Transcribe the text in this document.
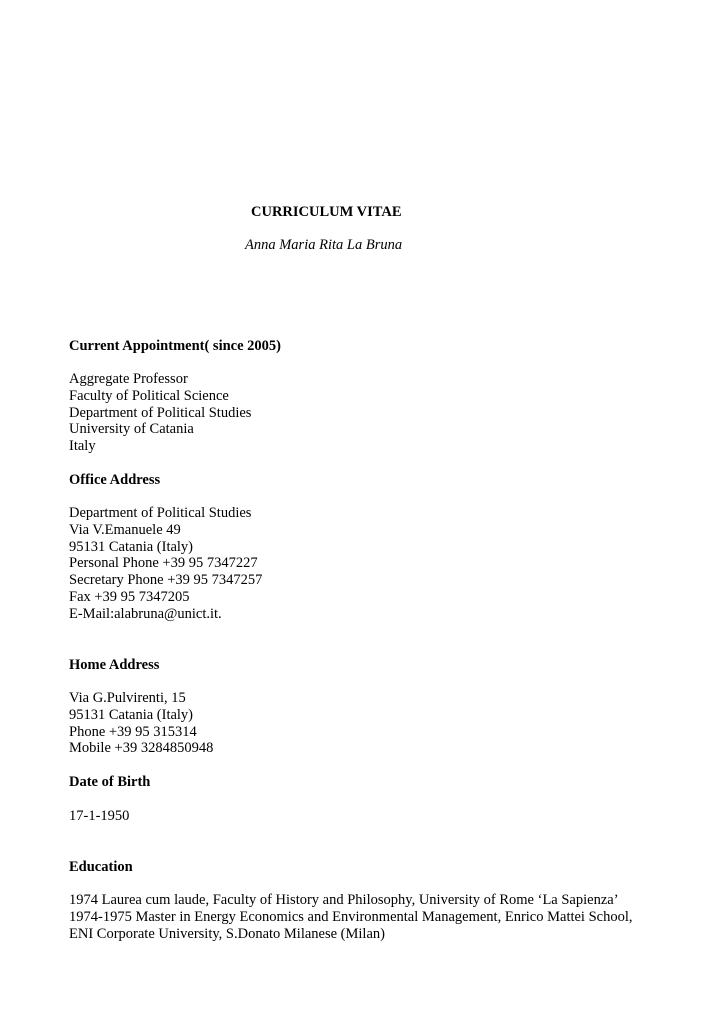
CURRICULUM VITAE
Anna Maria Rita La Bruna

Current Appointment( since 2005)

Aggregate Professor

Faculty of Political Science

Department of Political Studies

University of Catania

Italy

Office Address

Department of Political Studies

Via V.Emanuele 49

95131 Catania (Italy)

Personal Phone +39 95 7347227

Secretary Phone +39 95 7347257

Fax +39 95 7347205

E-Mail:alabruna@unict.it.

Home Address

Via G.Pulvirenti, 15

95131 Catania (Italy)

Phone +39 95 315314

Mobile +39 3284850948

Date of Birth

17-1-1950

Education

1974 Laurea cum laude, Faculty of History and Philosophy, University of Rome ‘La Sapienza’

1974-1975 Master in Energy Economics and Environmental Management, Enrico Mattei School,

ENI Corporate University, S.Donato Milanese (Milan)
